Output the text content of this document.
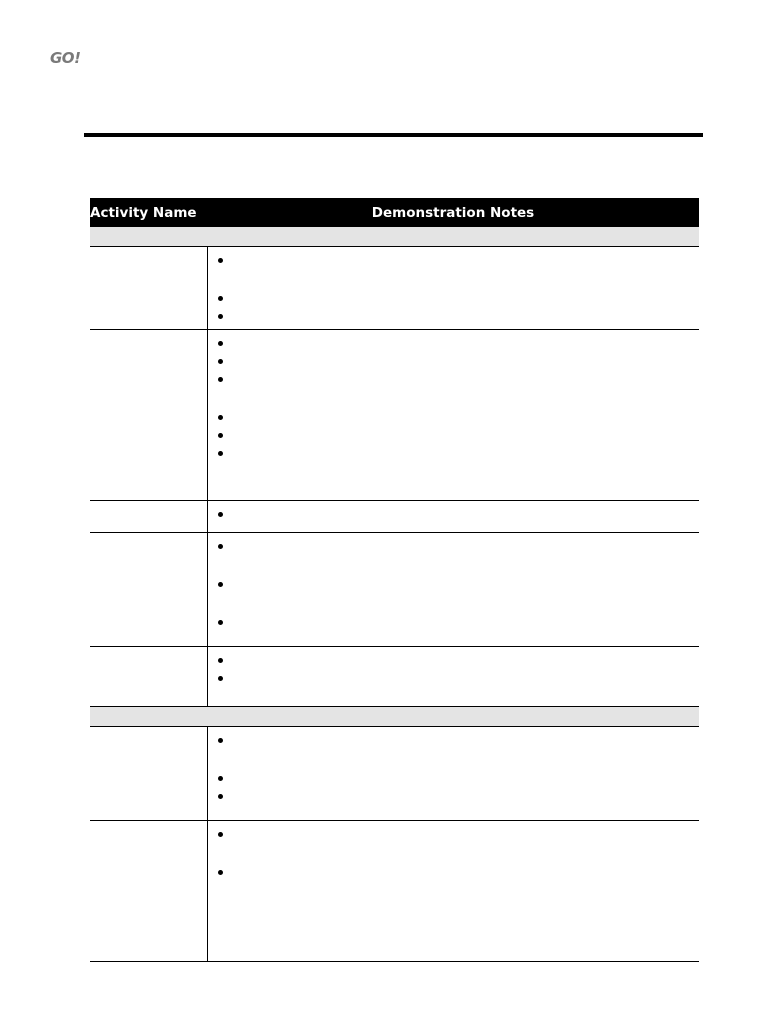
GO!
Activity Name	Demonstration Notes
